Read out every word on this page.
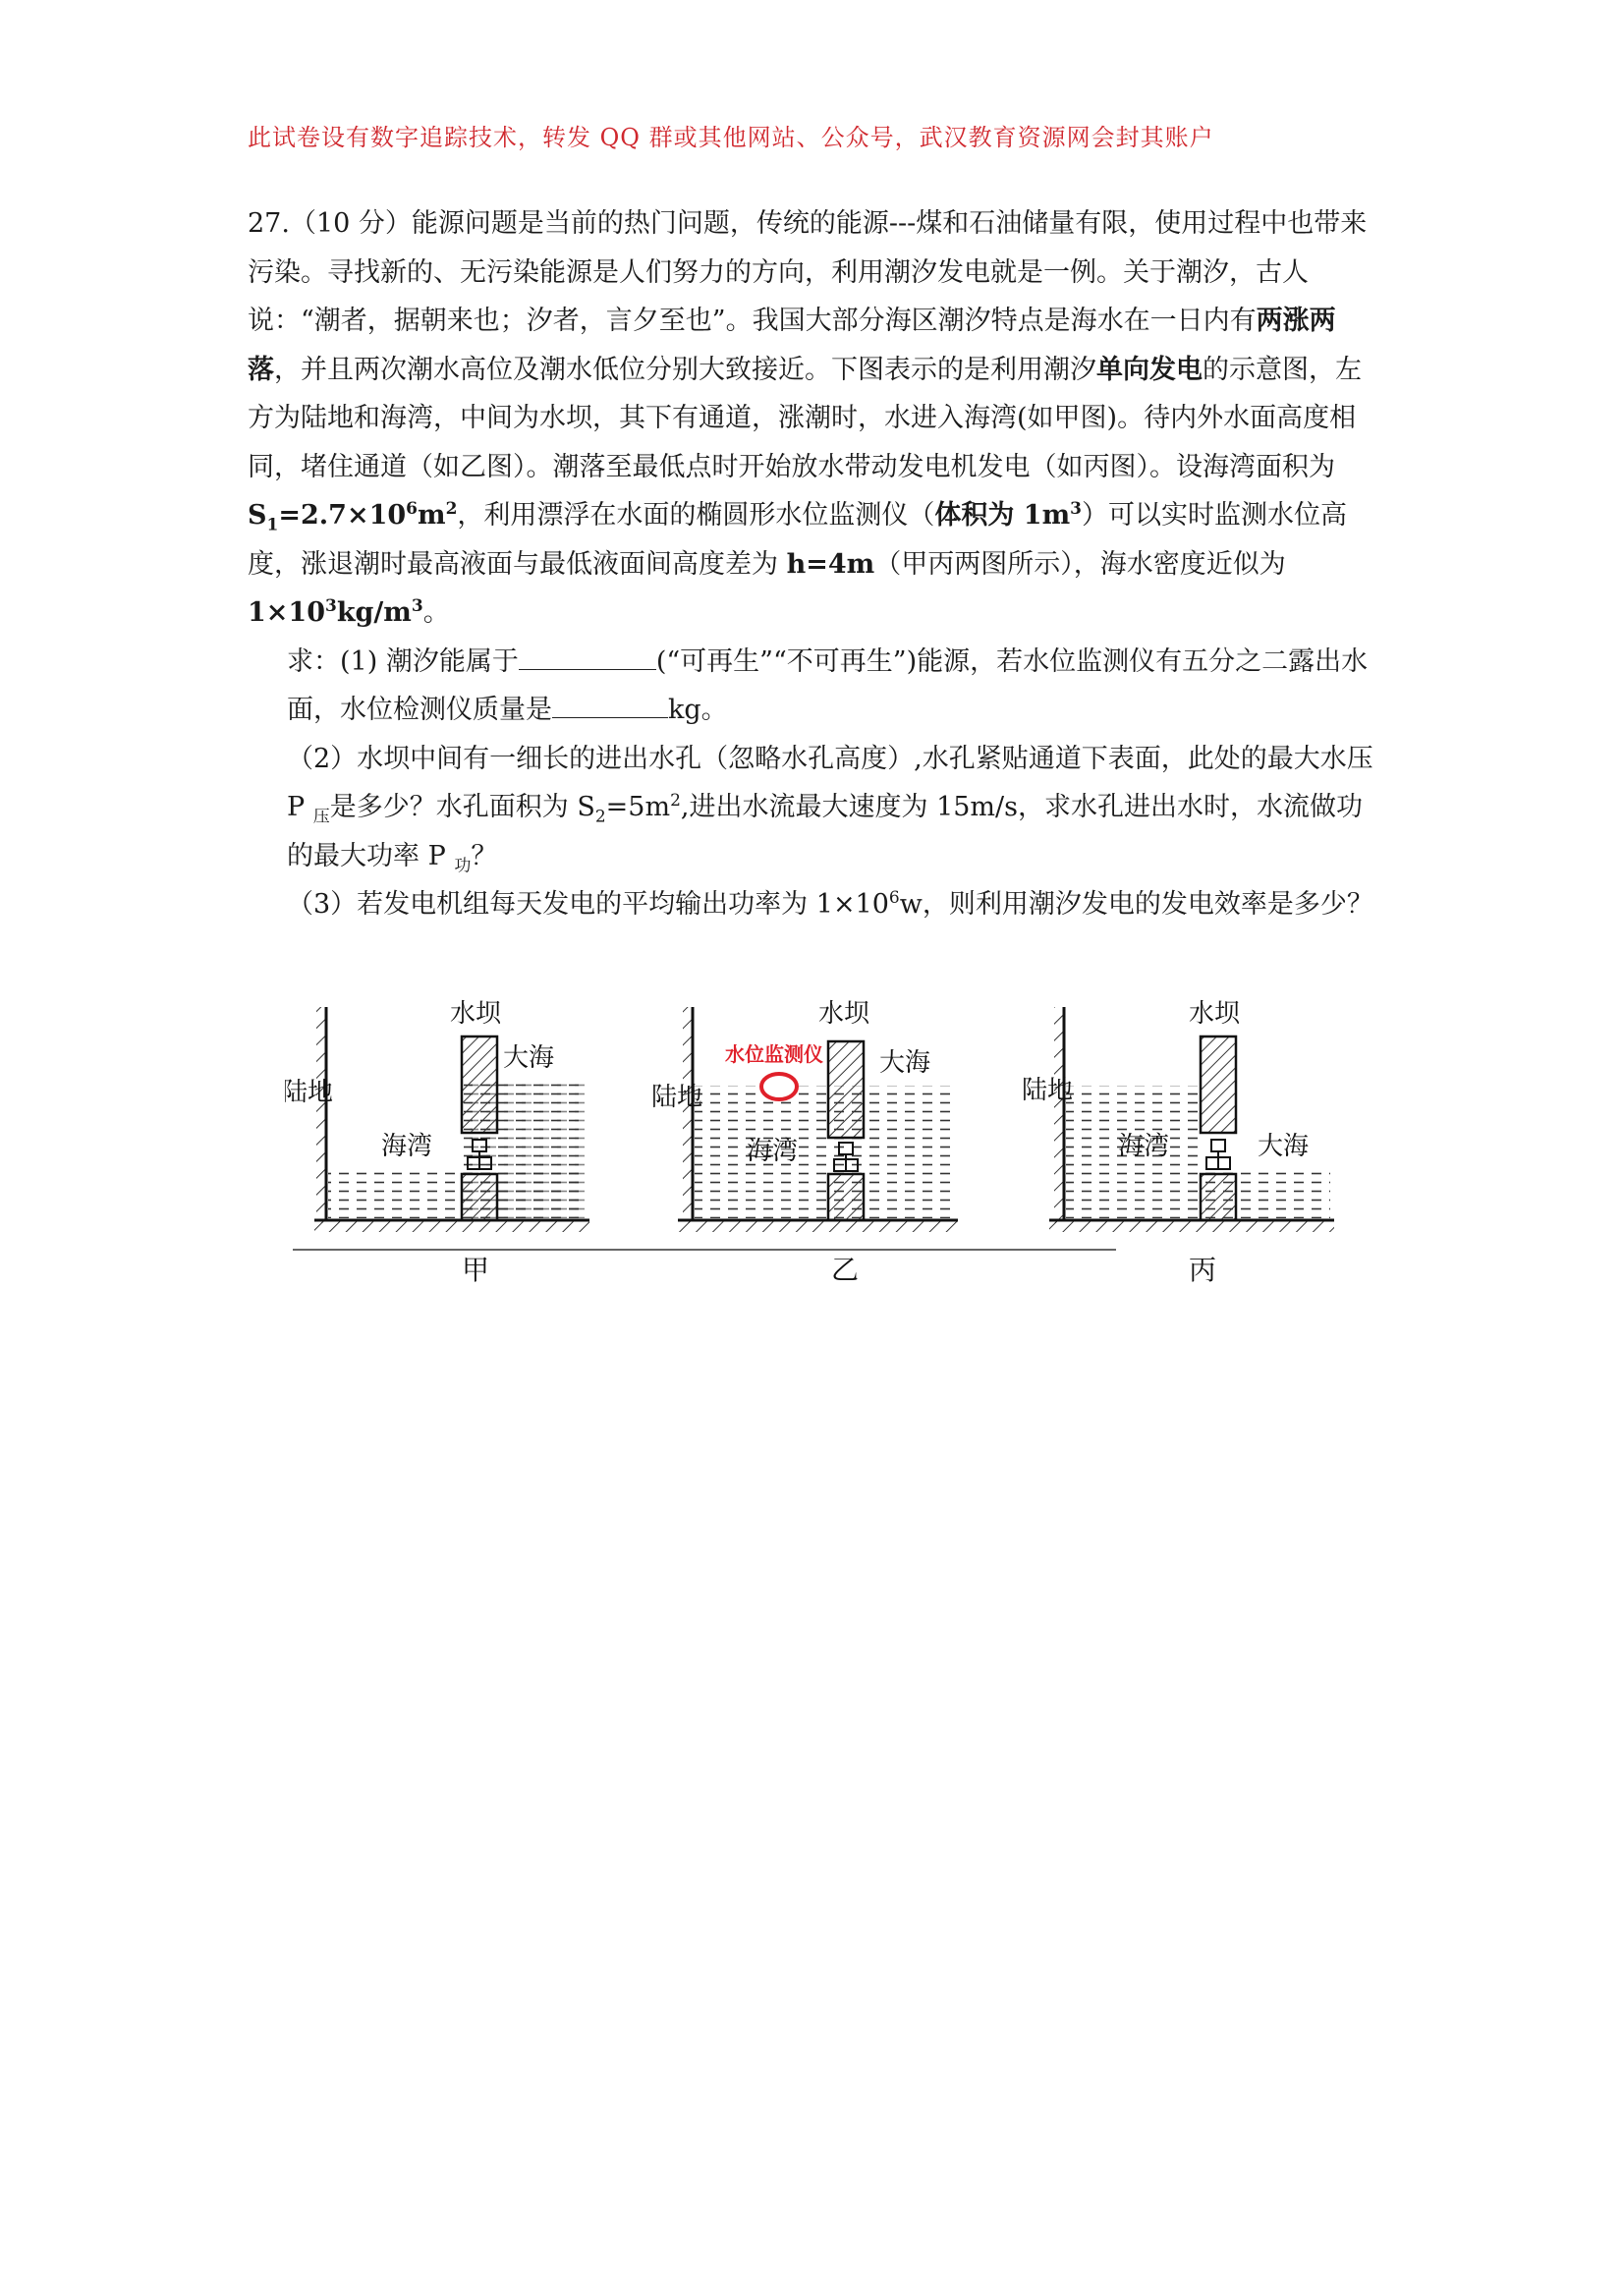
此试卷设有数字追踪技术，转发 QQ 群或其他网站、公众号，武汉教育资源网会封其账户

27.（10 分）能源问题是当前的热门问题，传统的能源---煤和石油储量有限，使用过程中也带来污染。寻找新的、无污染能源是人们努力的方向，利用潮汐发电就是一例。关于潮汐，古人说：“潮者，据朝来也；汐者，言夕至也”。我国大部分海区潮汐特点是海水在一日内有两涨两落，并且两次潮水高位及潮水低位分别大致接近。下图表示的是利用潮汐单向发电的示意图，左方为陆地和海湾，中间为水坝，其下有通道，涨潮时，水进入海湾(如甲图)。待内外水面高度相同，堵住通道（如乙图）。潮落至最低点时开始放水带动发电机发电（如丙图）。设海湾面积为 $S_1=2.7\times 10^6m^2$，利用漂浮在水面的椭圆形水位监测仪（体积为 $1m^3$）可以实时监测水位高度，涨退潮时最高液面与最低液面间高度差为 h=4m（甲丙两图所示），海水密度近似为 $1\times 10^3kg/m^3$。

求：(1) 潮汐能属于	(“可再生”“不可再生”)能源，若水位监测仪有五分之二露出水面，水位检测仪质量是	kg。

（2）水坝中间有一细长的进出水孔（忽略水孔高度）,水孔紧贴通道下表面，此处的最大水压 P $_压$是多少？水孔面积为 $S_2=5m^2$,进出水流最大速度为 15m/s，求水孔进出水时，水流做功的最大功率 P $_功$？

（3）若发电机组每天发电的平均输出功率为 $1\times 10^6w$，则利用潮汐发电的发电效率是多少？

水坝
大海
陆地
海湾
甲
水位监测仪
水坝
大海
陆地
海湾
乙
水坝
大海
陆地
海湾
丙
